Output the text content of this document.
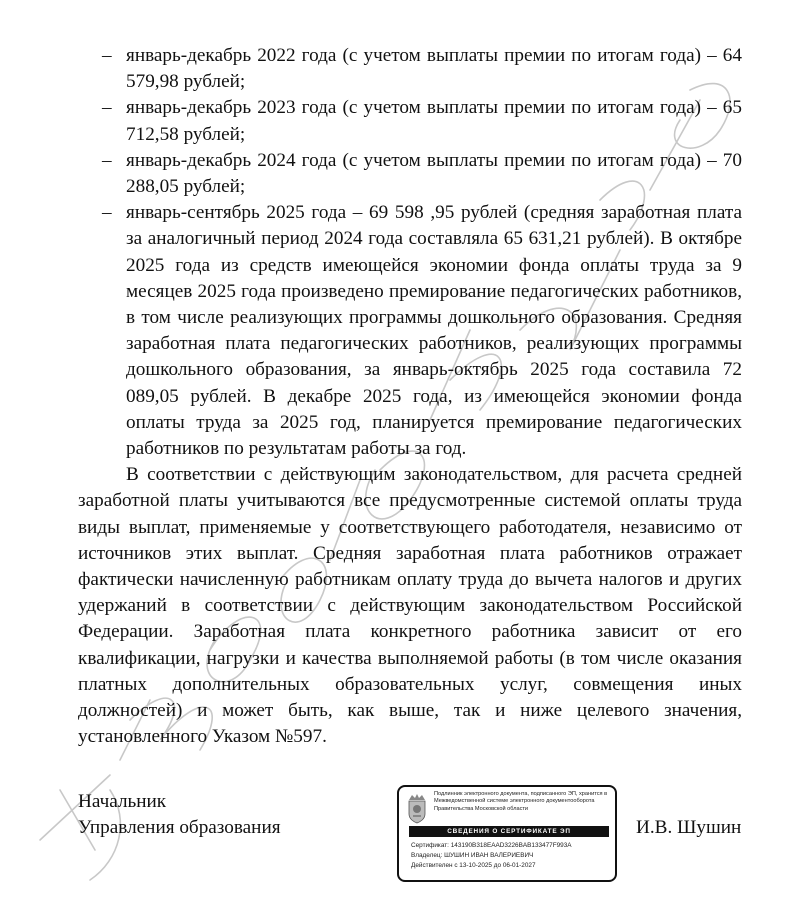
– январь-декабрь 2022 года (с учетом выплаты премии по итогам года) – 64 579,98 рублей;
– январь-декабрь 2023 года (с учетом выплаты премии по итогам года) – 65 712,58 рублей;
– январь-декабрь 2024 года (с учетом выплаты премии по итогам года) – 70 288,05 рублей;
– январь-сентябрь 2025 года – 69 598 ,95 рублей (средняя заработная плата за аналогичный период 2024 года составляла 65 631,21 рублей). В октябре 2025 года из средств имеющейся экономии фонда оплаты труда за 9 месяцев 2025 года произведено премирование педагогических работников, в том числе реализующих программы дошкольного образования. Средняя заработная плата педагогических работников, реализующих программы дошкольного образования, за январь-октябрь 2025 года составила 72 089,05 рублей. В декабре 2025 года, из имеющейся экономии фонда оплаты труда за 2025 год, планируется премирование педагогических работников по результатам работы за год.

В соответствии с действующим законодательством, для расчета средней заработной платы учитываются все предусмотренные системой оплаты труда виды выплат, применяемые у соответствующего работодателя, независимо от источников этих выплат. Средняя заработная плата работников отражает фактически начисленную работникам оплату труда до вычета налогов и других удержаний в соответствии с действующим законодательством Российской Федерации. Заработная плата конкретного работника зависит от его квалификации, нагрузки и качества выполняемой работы (в том числе оказания платных дополнительных образовательных услуг, совмещения иных должностей) и может быть, как выше, так и ниже целевого значения, установленного Указом №597.

Начальник
Управления образования
Подлинник электронного документа, подписанного ЭП, хранится в Межведомственной системе электронного документооборота Правительства Московской области
СВЕДЕНИЯ О СЕРТИФИКАТЕ ЭП
Сертификат: 143190B318EAAD3226BAB133477F993A
Владелец: ШУШИН ИВАН ВАЛЕРИЕВИЧ
Действителен с 13-10-2025 до 06-01-2027
И.В. Шушин
